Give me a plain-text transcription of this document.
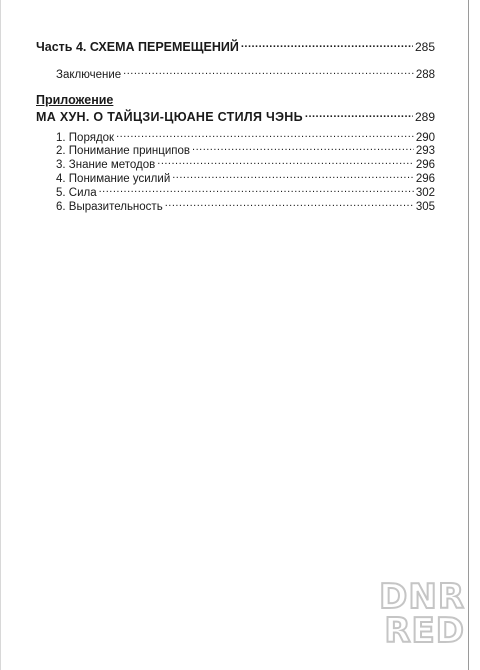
Часть 4. СХЕМА ПЕРЕМЕЩЕНИЙ .....	285
Заключение .....	288
Приложение
МА ХУН. О ТАЙЦЗИ-ЦЮАНЕ СТИЛЯ ЧЭНЬ .....	289
1. Порядок .....	290
2. Понимание принципов .....	293
3. Знание методов .....	296
4. Понимание усилий .....	296
5. Сила .....	302
6. Выразительность .....	305
DNR
RED
